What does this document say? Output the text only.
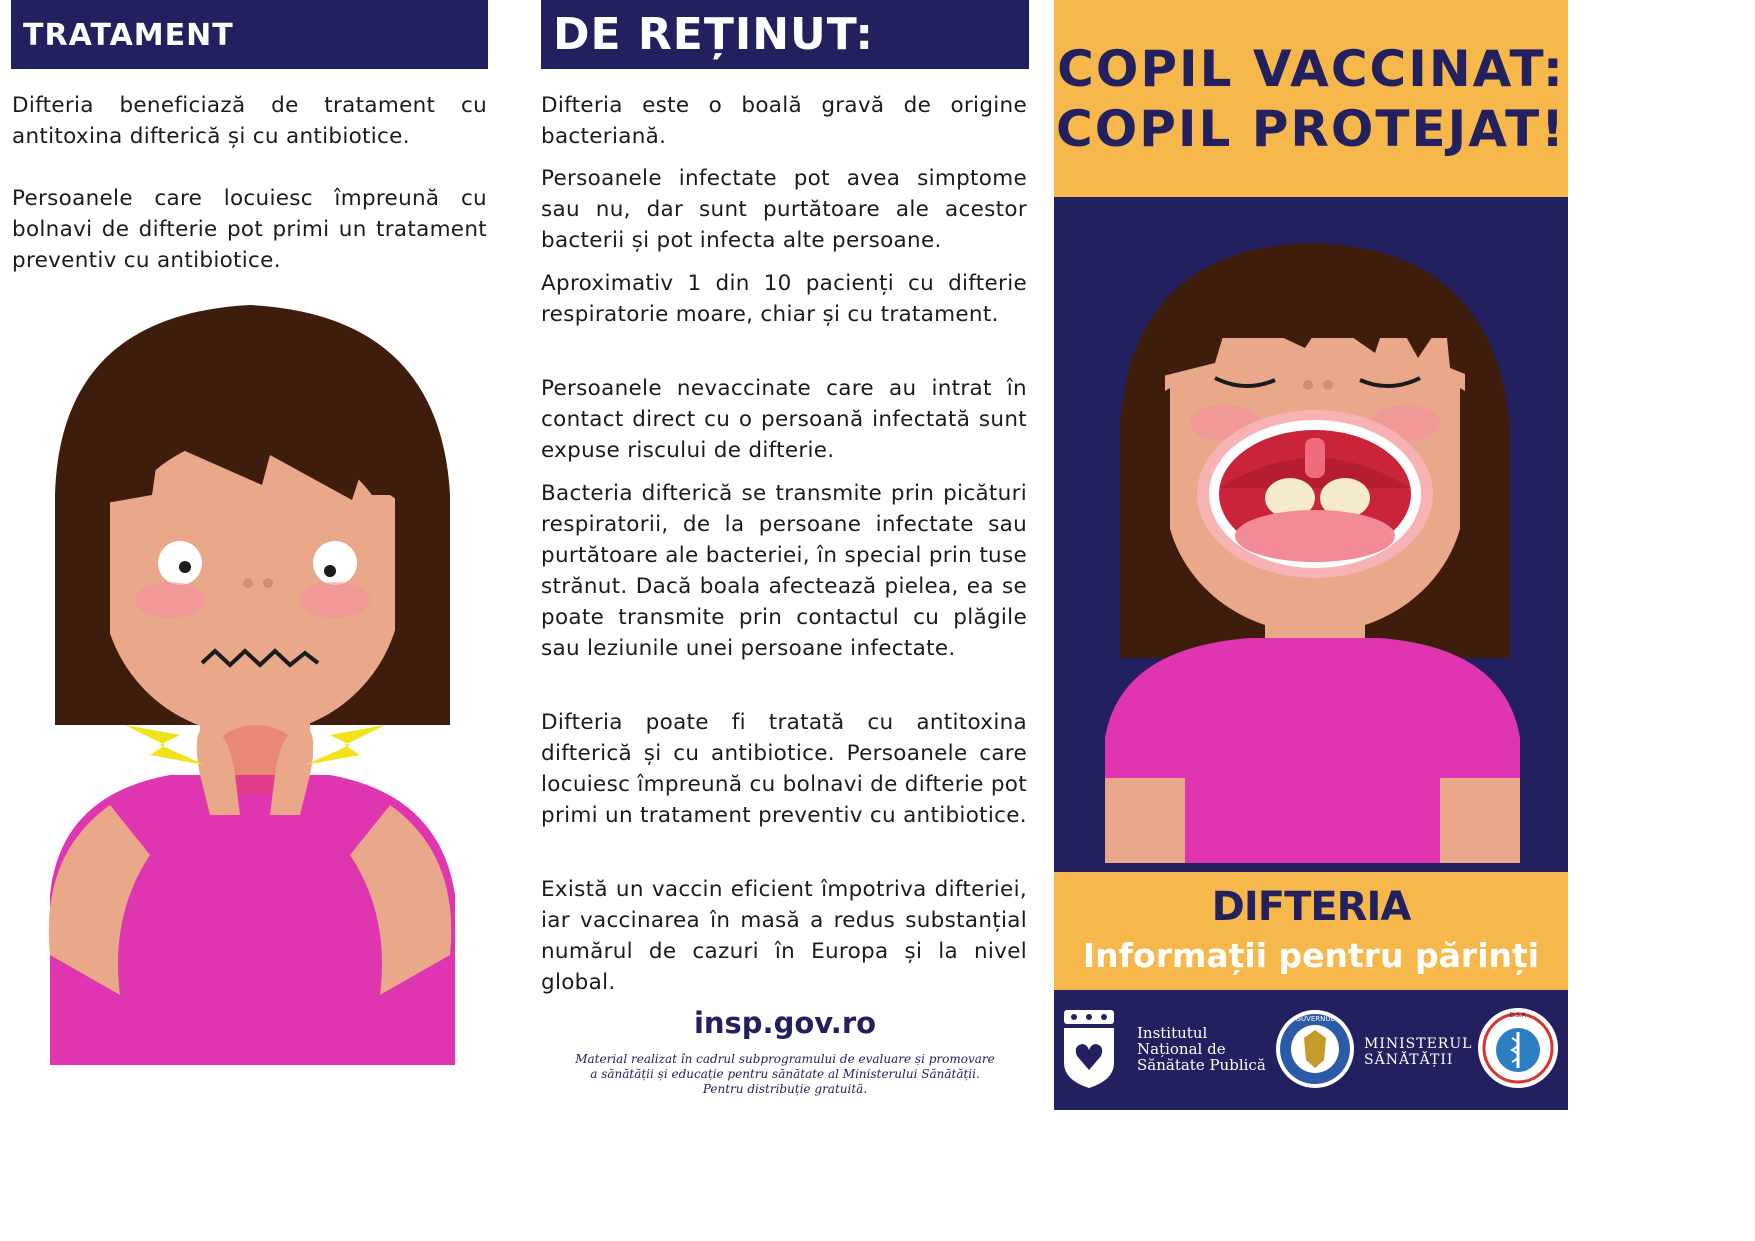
TRATAMENT

Difteria beneficiază de tratament cu antitoxina difterică și cu antibiotice.

Persoanele care locuiesc împreună cu bolnavi de difterie pot primi un tratament preventiv cu antibiotice.

DE REȚINUT:

Difteria este o boală gravă de origine bacteriană.

Persoanele infectate pot avea simptome sau nu, dar sunt purtătoare ale acestor bacterii și pot infecta alte persoane.

Aproximativ 1 din 10 pacienți cu difterie respiratorie moare, chiar și cu tratament.

Persoanele nevaccinate care au intrat în contact direct cu o persoană infectată sunt expuse riscului de difterie.

Bacteria difterică se transmite prin picături respiratorii, de la persoane infectate sau purtătoare ale bacteriei, în special prin tuse strănut. Dacă boala afectează pielea, ea se poate transmite prin contactul cu plăgile sau leziunile unei persoane infectate.

Difteria poate fi tratată cu antitoxina difterică și cu antibiotice. Persoanele care locuiesc împreună cu bolnavi de difterie pot primi un tratament preventiv cu antibiotice.

Există un vaccin eficient împotriva difteriei, iar vaccinarea în masă a redus substanțial numărul de cazuri în Europa și la nivel global.

insp.gov.ro

Material realizat în cadrul subprogramului de evaluare și promovare
a sănătății și educație pentru sănătate al Ministerului Sănătății.
Pentru distribuție gratuită.

COPIL VACCINAT:
COPIL PROTEJAT!
DIFTERIA
Informații pentru părinți

Institutul
Național de
Sănătate Publică

GUVERNUL

MINISTERUL
SĂNĂTĂȚII

D.S.P.
